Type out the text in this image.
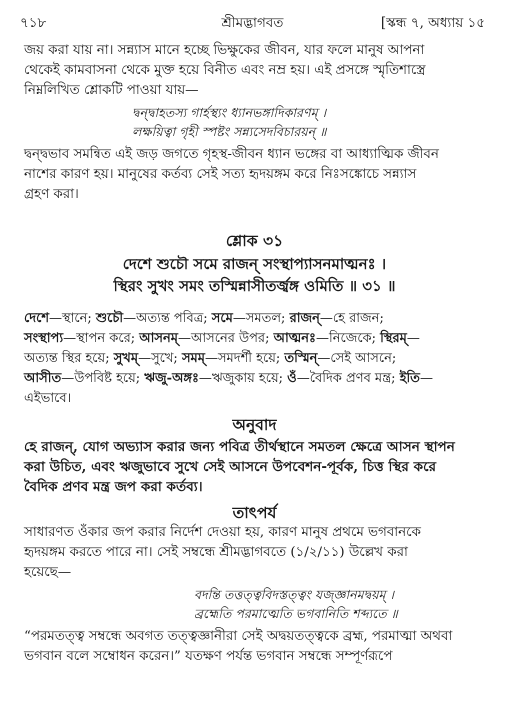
৭১৮	শ্রীমদ্ভাগবত	[স্কন্ধ ৭, অধ্যায় ১৫

জয় করা যায় না। সন্ন্যাস মানে হচ্ছে ভিক্ষুকের জীবন, যার ফলে মানুষ আপনা

থেকেই কামবাসনা থেকে মুক্ত হয়ে বিনীত এবং নম্র হয়। এই প্রসঙ্গে স্মৃতিশাস্ত্রে

নিম্নলিখিত শ্লোকটি পাওয়া যায়—

দ্বন্দ্বাহতস্য গার্হস্থ্যং ধ্যানভঙ্গাদিকারণম্ ।

লক্ষয়িত্বা গৃহী স্পষ্টং সন্ন্যসেদবিচারয়ন্ ॥

দ্বন্দ্বভাব সমন্বিত এই জড় জগতে গৃহস্থ-জীবন ধ্যান ভঙ্গের বা আধ্যাত্মিক জীবন

নাশের কারণ হয়। মানুষের কর্তব্য সেই সত্য হৃদয়ঙ্গম করে নিঃসঙ্কোচে সন্ন্যাস

গ্রহণ করা।

শ্লোক ৩১

দেশে শুচৌ সমে রাজন্ সংস্থাপ্যাসনমাত্মনঃ ।

স্থিরং সুখং সমং তস্মিন্নাসীতর্জ্বঙ্গ ওমিতি ॥ ৩১ ॥

দেশে—স্থানে; শুচৌ—অত্যন্ত পবিত্র; সমে—সমতল; রাজন্—হে রাজন;

সংস্থাপ্য—স্থাপন করে; আসনম্—আসনের উপর; আত্মনঃ—নিজেকে; স্থিরম্—

অত্যন্ত স্থির হয়ে; সুখম্—সুখে; সমম্—সমদর্শী হয়ে; তস্মিন্—সেই আসনে;

আসীত—উপবিষ্ট হয়ে; ঋজু-অঙ্গঃ—ঋজুকায় হয়ে; ওঁ—বৈদিক প্রণব মন্ত্র; ইতি—

এইভাবে।

অনুবাদ

হে রাজন্, যোগ অভ্যাস করার জন্য পবিত্র তীর্থস্থানে সমতল ক্ষেত্রে আসন স্থাপন

করা উচিত, এবং ঋজুভাবে সুখে সেই আসনে উপবেশন-পূর্বক, চিত্ত স্থির করে

বৈদিক প্রণব মন্ত্র জপ করা কর্তব্য।

তাৎপর্য

সাধারণত ওঁকার জপ করার নির্দেশ দেওয়া হয়, কারণ মানুষ প্রথমে ভগবানকে

হৃদয়ঙ্গম করতে পারে না। সেই সম্বন্ধে শ্রীমদ্ভাগবতে (১/২/১১) উল্লেখ করা

হয়েছে—

বদন্তি তত্তত্ত্ববিদস্তত্ত্বং যজ্জ্ঞানমদ্বয়ম্ ।

ব্রহ্মেতি পরমাত্মেতি ভগবানিতি শব্দ্যতে ॥

“পরমতত্ত্ব সম্বন্ধে অবগত তত্ত্বজ্ঞানীরা সেই অদ্বয়তত্ত্বকে ব্রহ্ম, পরমাত্মা অথবা

ভগবান বলে সম্বোধন করেন।” যতক্ষণ পর্যন্ত ভগবান সম্বন্ধে সম্পূর্ণরূপে
